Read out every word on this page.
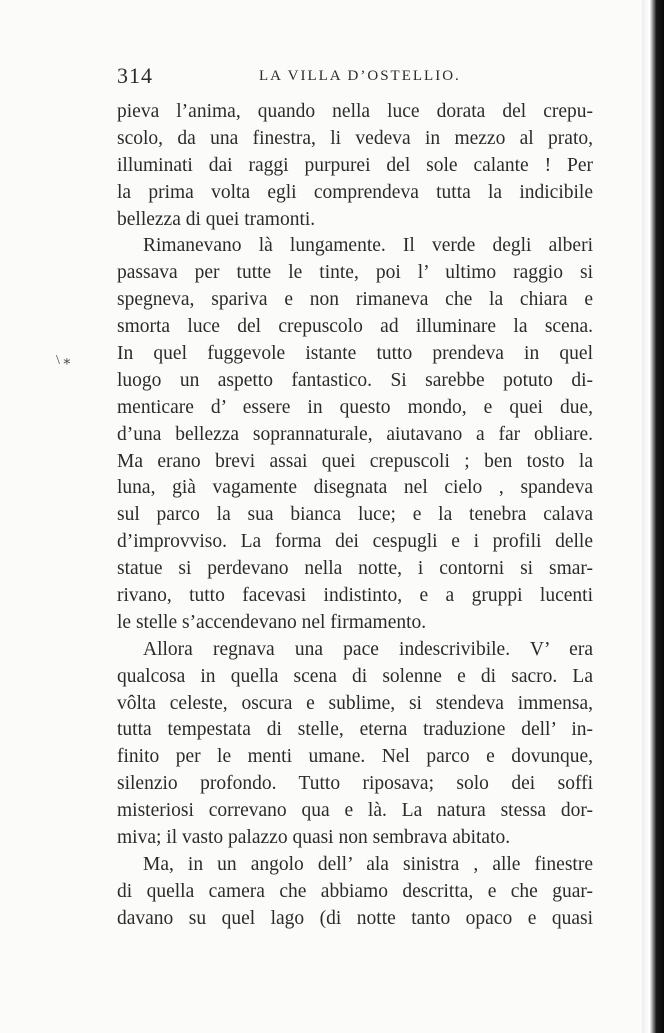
314	LA VILLA D’OSTELLIO.
\ ⁎
pieva l’anima, quando nella luce dorata del crepu-
scolo, da una finestra, li vedeva in mezzo al prato,
illuminati dai raggi purpurei del sole calante ! Per
la prima volta egli comprendeva tutta la indicibile
bellezza di quei tramonti.
Rimanevano là lungamente. Il verde degli alberi
passava per tutte le tinte, poi l’ ultimo raggio si
spegneva, spariva e non rimaneva che la chiara e
smorta luce del crepuscolo ad illuminare la scena.
In quel fuggevole istante tutto prendeva in quel
luogo un aspetto fantastico. Si sarebbe potuto di-
menticare d’ essere in questo mondo, e quei due,
d’una bellezza soprannaturale, aiutavano a far obliare.
Ma erano brevi assai quei crepuscoli ; ben tosto la
luna, già vagamente disegnata nel cielo , spandeva
sul parco la sua bianca luce; e la tenebra calava
d’improvviso. La forma dei cespugli e i profili delle
statue si perdevano nella notte, i contorni si smar-
rivano, tutto facevasi indistinto, e a gruppi lucenti
le stelle s’accendevano nel firmamento.
Allora regnava una pace indescrivibile. V’ era
qualcosa in quella scena di solenne e di sacro. La
vôlta celeste, oscura e sublime, si stendeva immensa,
tutta tempestata di stelle, eterna traduzione dell’ in-
finito per le menti umane. Nel parco e dovunque,
silenzio profondo. Tutto riposava; solo dei soffi
misteriosi correvano qua e là. La natura stessa dor-
miva; il vasto palazzo quasi non sembrava abitato.
Ma, in un angolo dell’ ala sinistra , alle finestre
di quella camera che abbiamo descritta, e che guar-
davano su quel lago (di notte tanto opaco e quasi
